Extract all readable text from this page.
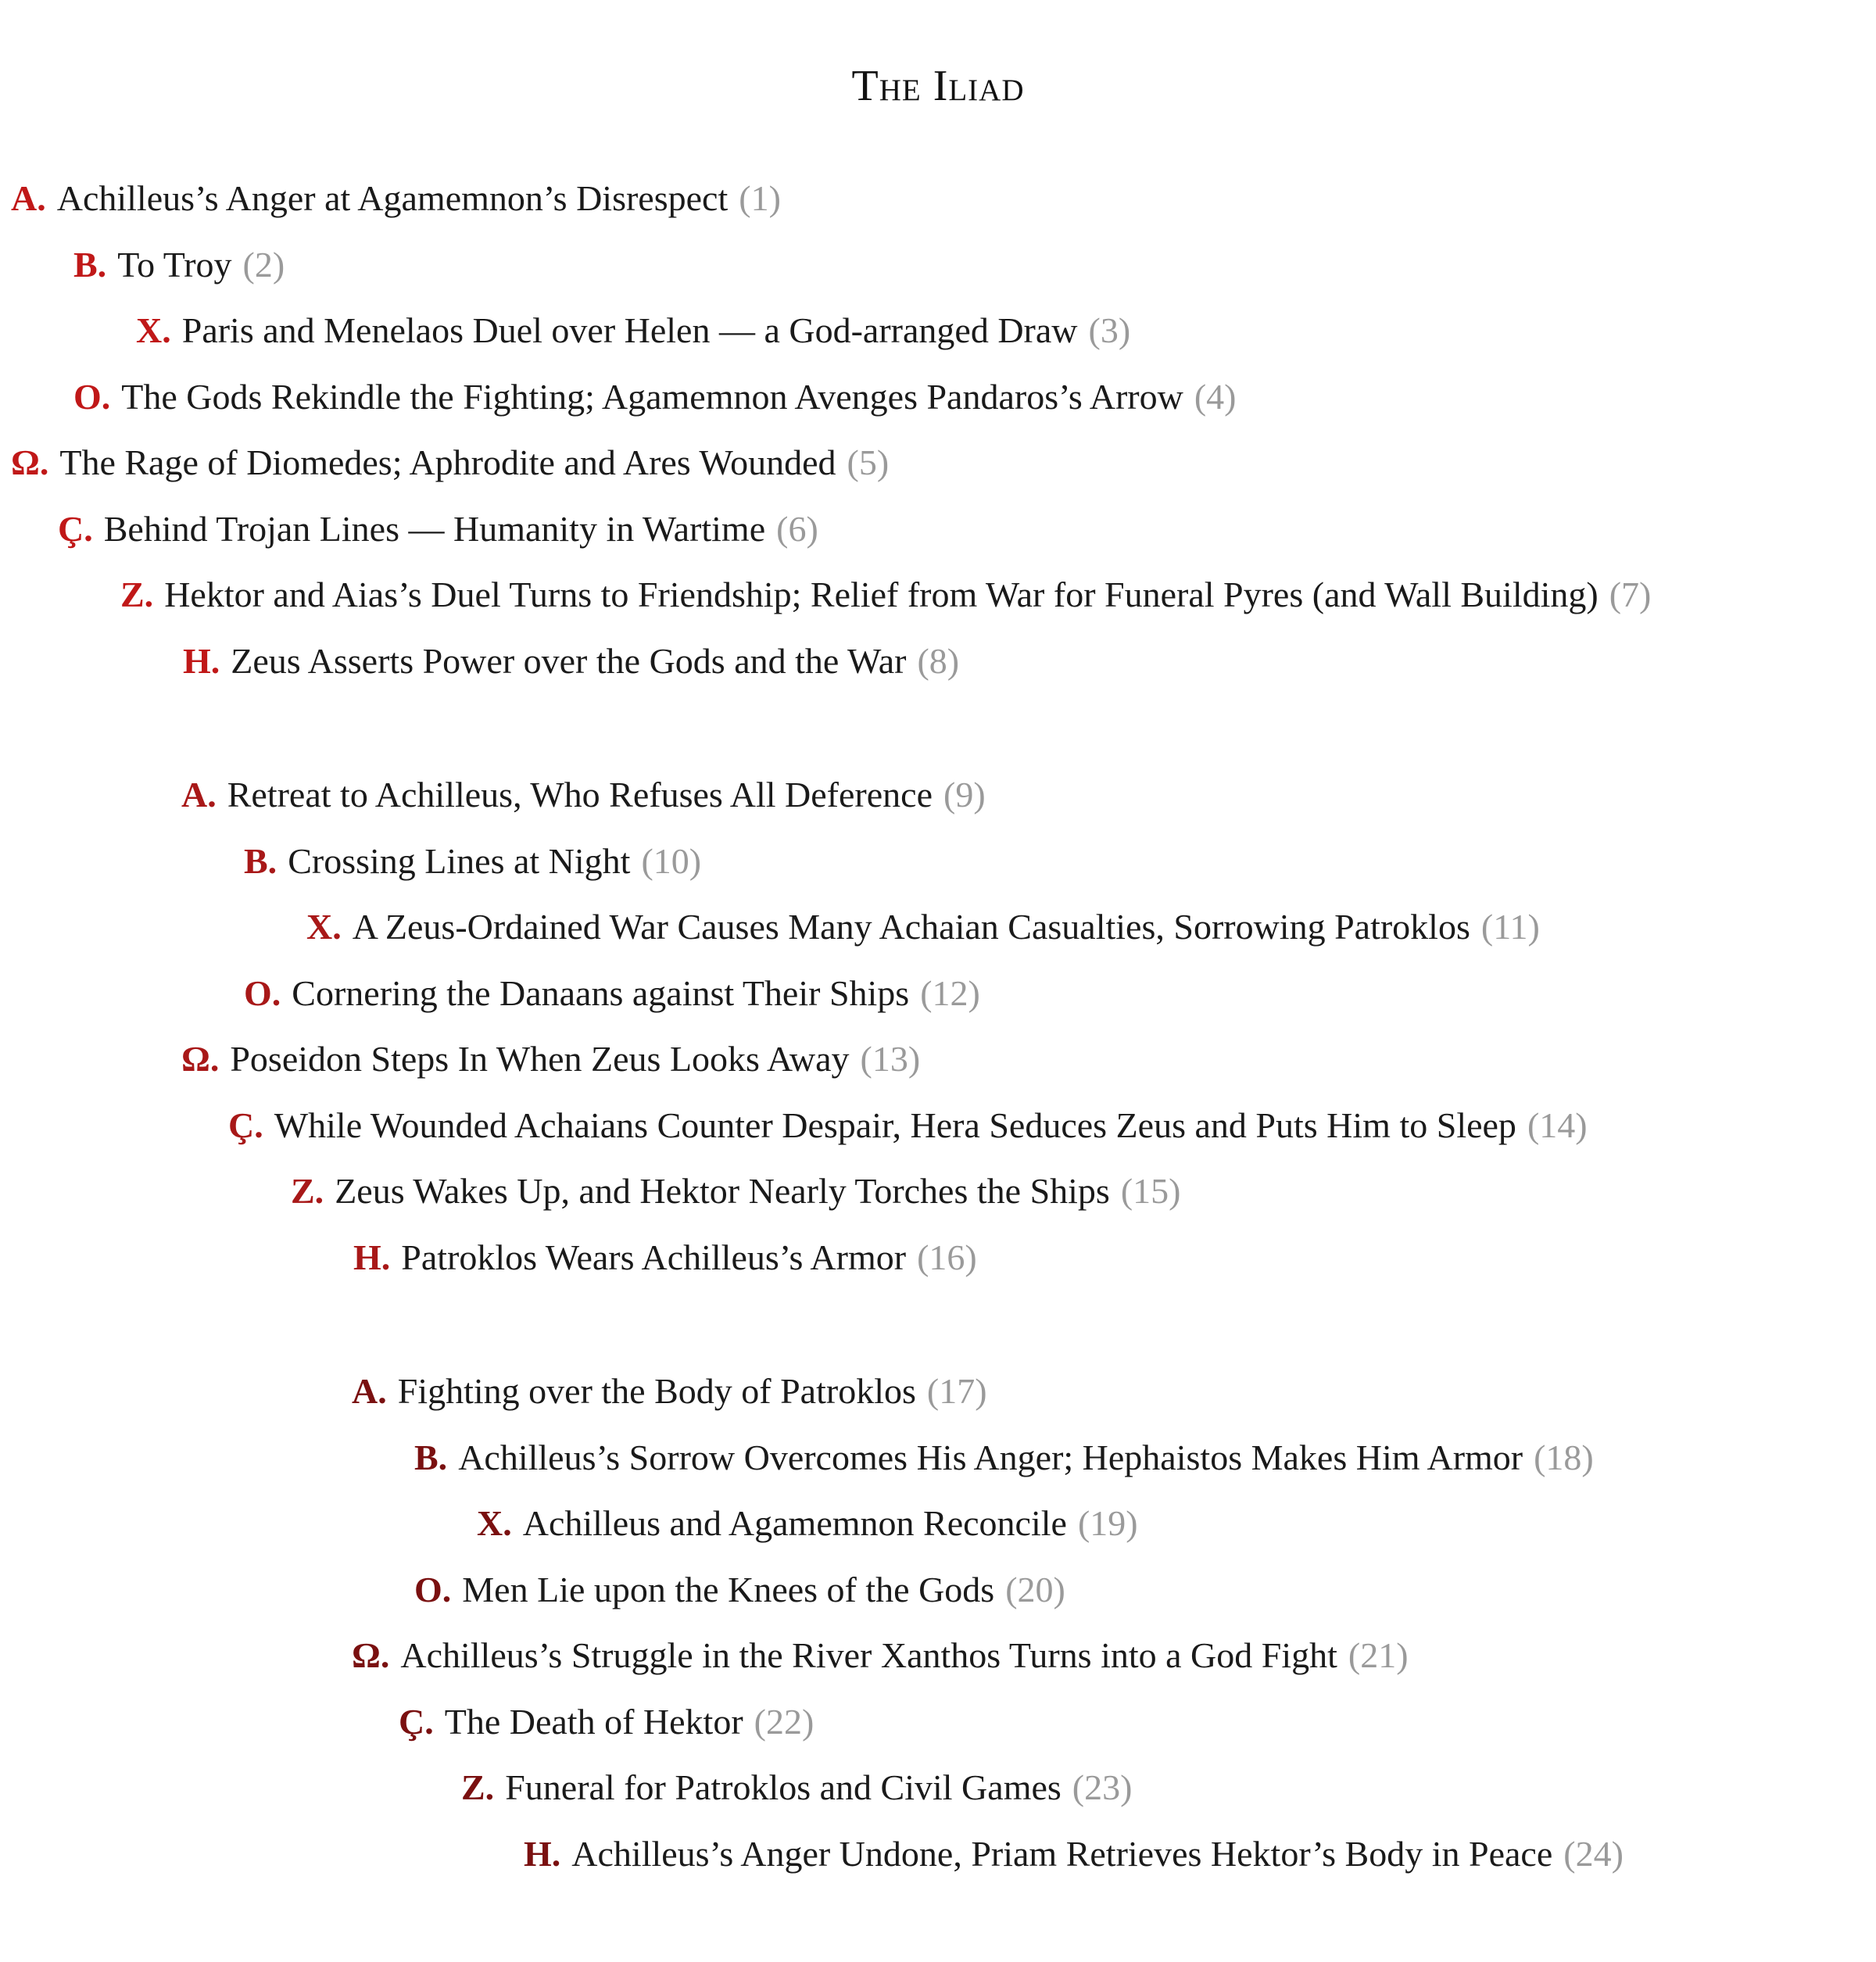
The Iliad
A. Achilleus’s Anger at Agamemnon’s Disrespect (1)
B. To Troy (2)
X. Paris and Menelaos Duel over Helen — a God-arranged Draw (3)
O. The Gods Rekindle the Fighting; Agamemnon Avenges Pandaros’s Arrow (4)
Ω. The Rage of Diomedes; Aphrodite and Ares Wounded (5)
Ç. Behind Trojan Lines — Humanity in Wartime (6)
Z. Hektor and Aias’s Duel Turns to Friendship; Relief from War for Funeral Pyres (and Wall Building) (7)
H. Zeus Asserts Power over the Gods and the War (8)
A. Retreat to Achilleus, Who Refuses All Deference (9)
B. Crossing Lines at Night (10)
X. A Zeus-Ordained War Causes Many Achaian Casualties, Sorrowing Patroklos (11)
O. Cornering the Danaans against Their Ships (12)
Ω. Poseidon Steps In When Zeus Looks Away (13)
Ç. While Wounded Achaians Counter Despair, Hera Seduces Zeus and Puts Him to Sleep (14)
Z. Zeus Wakes Up, and Hektor Nearly Torches the Ships (15)
H. Patroklos Wears Achilleus’s Armor (16)
A. Fighting over the Body of Patroklos (17)
B. Achilleus’s Sorrow Overcomes His Anger; Hephaistos Makes Him Armor (18)
X. Achilleus and Agamemnon Reconcile (19)
O. Men Lie upon the Knees of the Gods (20)
Ω. Achilleus’s Struggle in the River Xanthos Turns into a God Fight (21)
Ç. The Death of Hektor (22)
Z. Funeral for Patroklos and Civil Games (23)
H. Achilleus’s Anger Undone, Priam Retrieves Hektor’s Body in Peace (24)
